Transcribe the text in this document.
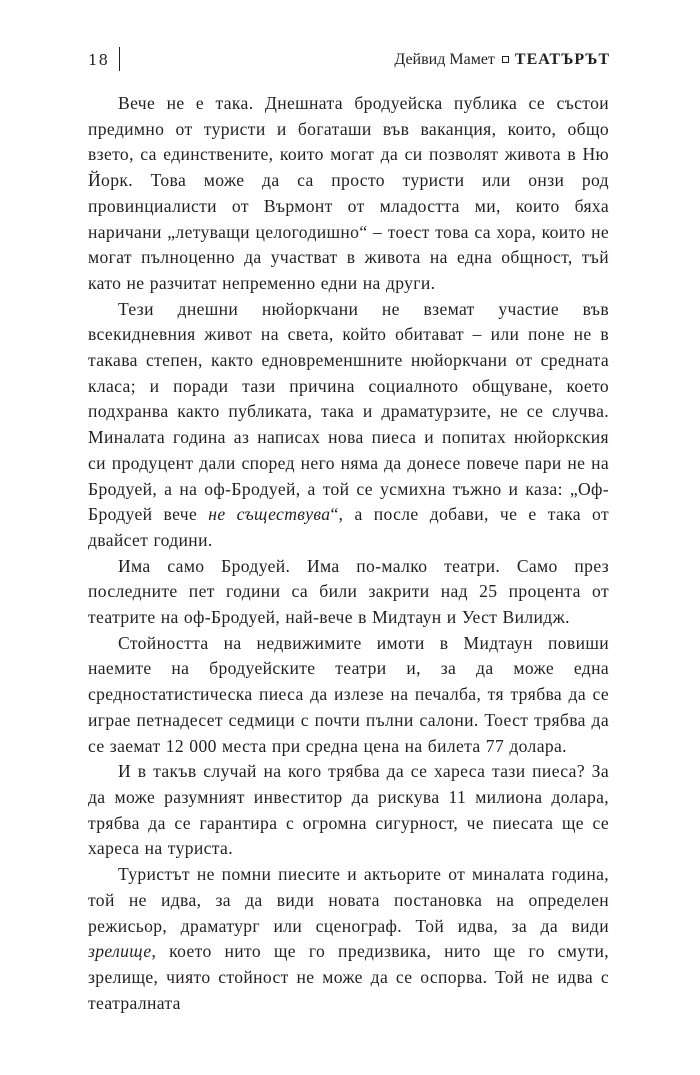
18	Дейвид Мамет ТЕАТЪРЪТ

Вече не е така. Днешната бродуейска публика се състои предимно от туристи и богаташи във ваканция, които, общо взето, са единствените, които могат да си позволят живота в Ню Йорк. Това може да са просто туристи или онзи род провинциалисти от Върмонт от младостта ми, които бяха наричани „летуващи целогодишно“ – тоест това са хора, които не могат пълноценно да участват в живота на една общност, тъй като не разчитат непременно едни на други.

Тези днешни нюйоркчани не вземат участие във всекидневния живот на света, който обитават – или поне не в такава степен, както едновременшните нюйоркчани от средната класа; и поради тази причина социалното общуване, което подхранва както публиката, така и драматурзите, не се случва. Миналата година аз написах нова пиеса и попитах нюйоркския си продуцент дали според него няма да донесе повече пари не на Бродуей, а на оф-Бродуей, а той се усмихна тъжно и каза: „Оф-Бродуей вече не съществува“, а после добави, че е така от двайсет години.

Има само Бродуей. Има по-малко театри. Само през последните пет години са били закрити над 25 процента от театрите на оф-Бродуей, най-вече в Мидтаун и Уест Вилидж.

Стойността на недвижимите имоти в Мидтаун повиши наемите на бродуейските театри и, за да може една средностатистическа пиеса да излезе на печалба, тя трябва да се играе петнадесет седмици с почти пълни салони. Тоест трябва да се заемат 12 000 места при средна цена на билета 77 долара.

И в такъв случай на кого трябва да се хареса тази пиеса? За да може разумният инвеститор да рискува 11 милиона долара, трябва да се гарантира с огромна сигурност, че пиесата ще се хареса на туриста.

Туристът не помни пиесите и актьорите от миналата година, той не идва, за да види новата постановка на определен режисьор, драматург или сценограф. Той идва, за да види зрелище, което нито ще го предизвика, нито ще го смути, зрелище, чиято стойност не може да се оспорва. Той не идва с театралната
